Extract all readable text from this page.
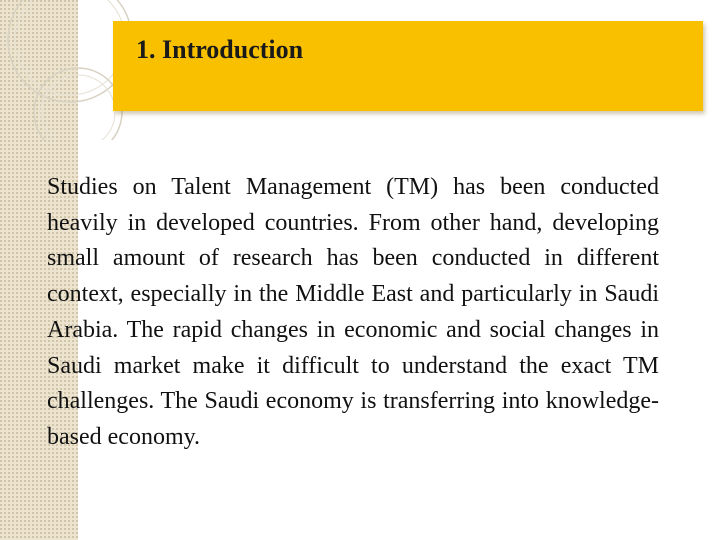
1. Introduction
Studies on Talent Management (TM) has been conducted heavily in developed countries. From other hand, developing small amount of research has been conducted in different context, especially in the Middle East and particularly in Saudi Arabia. The rapid changes in economic and social changes in Saudi market make it difficult to understand the exact TM challenges. The Saudi economy is transferring into knowledge-based economy.
